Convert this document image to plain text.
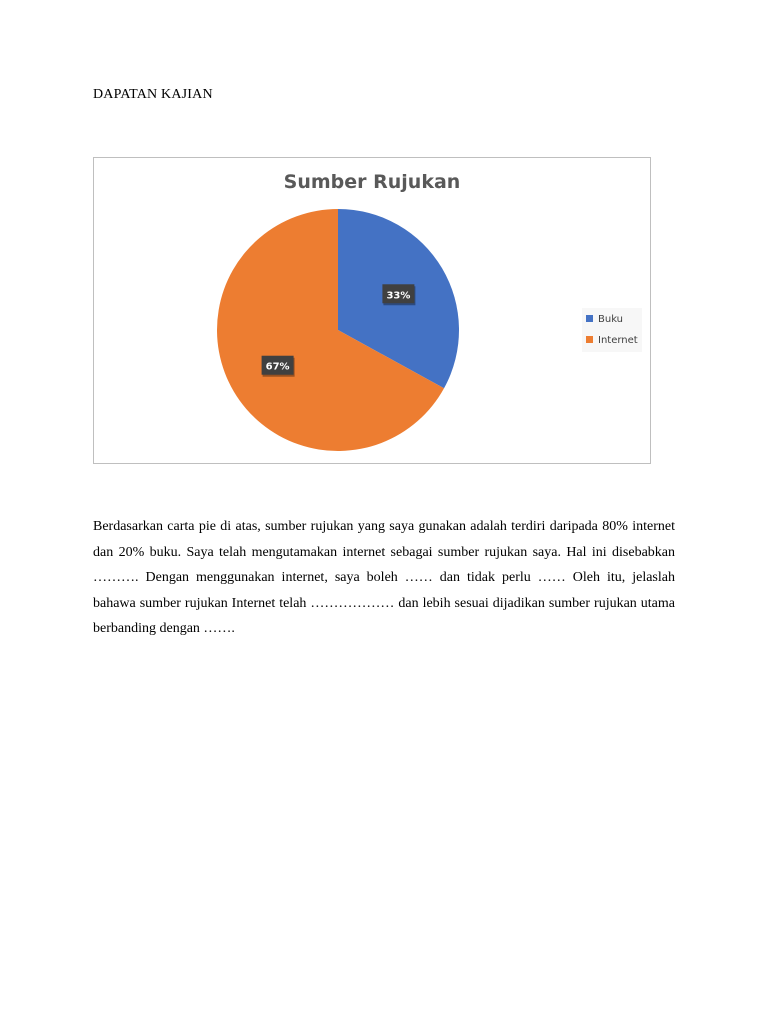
DAPATAN KAJIAN
Sumber Rujukan
33%
67%
Buku
Internet

Berdasarkan carta pie di atas, sumber rujukan yang saya gunakan adalah terdiri daripada 80% internet dan 20% buku. Saya telah mengutamakan internet sebagai sumber rujukan saya. Hal ini disebabkan ………. Dengan menggunakan internet, saya boleh …… dan tidak perlu …… Oleh itu, jelaslah bahawa sumber rujukan Internet telah ……………… dan lebih sesuai dijadikan sumber rujukan utama berbanding dengan …….
